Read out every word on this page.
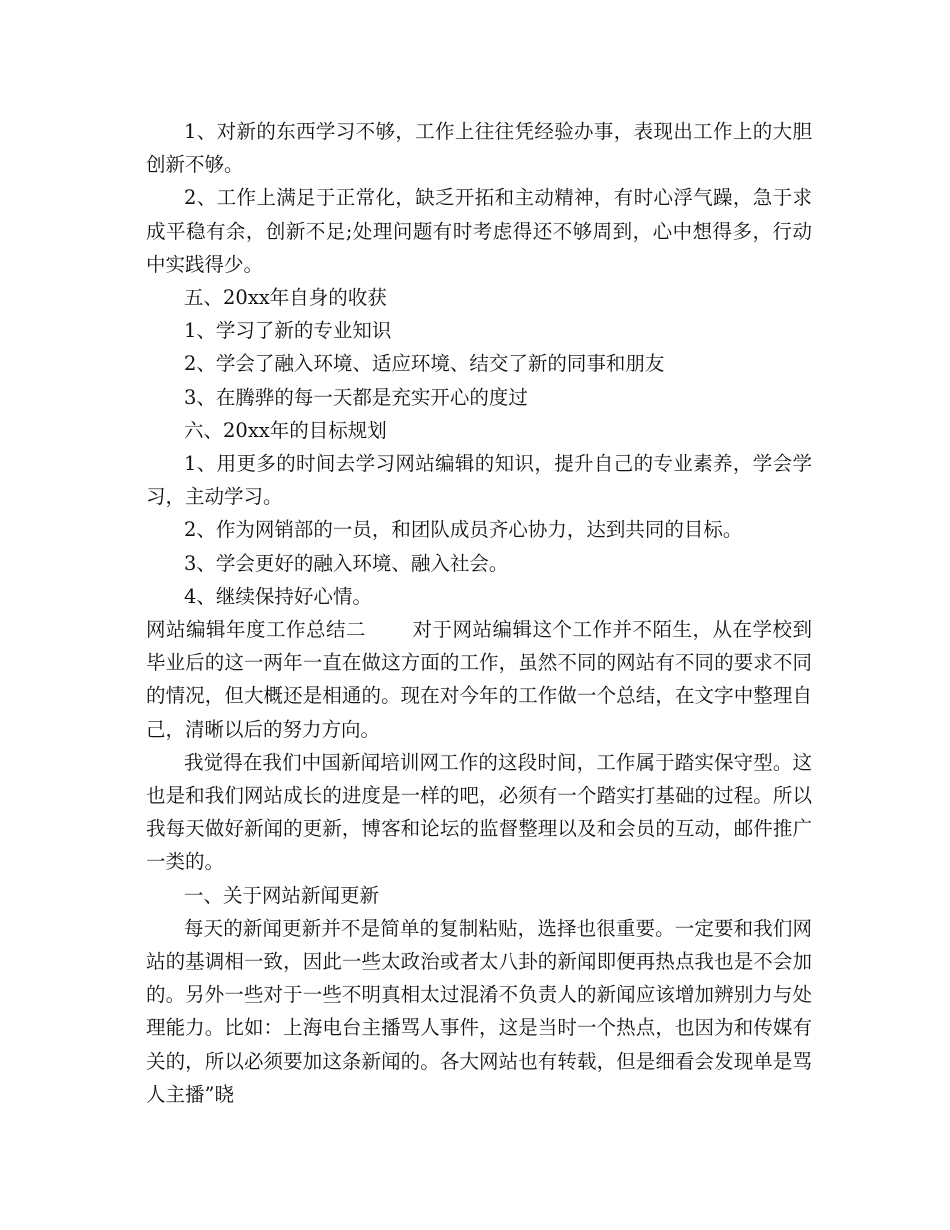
1、对新的东西学习不够，工作上往往凭经验办事，表现出工作上的大胆创新不够。

2、工作上满足于正常化，缺乏开拓和主动精神，有时心浮气躁，急于求成平稳有余，创新不足;处理问题有时考虑得还不够周到，心中想得多，行动中实践得少。

五、20xx年自身的收获

1、学习了新的专业知识

2、学会了融入环境、适应环境、结交了新的同事和朋友

3、在腾骅的每一天都是充实开心的度过

六、20xx年的目标规划

1、用更多的时间去学习网站编辑的知识，提升自己的专业素养，学会学习，主动学习。

2、作为网销部的一员，和团队成员齐心协力，达到共同的目标。

3、学会更好的融入环境、融入社会。

4、继续保持好心情。

网站编辑年度工作总结二 对于网站编辑这个工作并不陌生，从在学校到毕业后的这一两年一直在做这方面的工作，虽然不同的网站有不同的要求不同的情况，但大概还是相通的。现在对今年的工作做一个总结，在文字中整理自己，清晰以后的努力方向。

我觉得在我们中国新闻培训网工作的这段时间，工作属于踏实保守型。这也是和我们网站成长的进度是一样的吧，必须有一个踏实打基础的过程。所以我每天做好新闻的更新，博客和论坛的监督整理以及和会员的互动，邮件推广一类的。

一、关于网站新闻更新

每天的新闻更新并不是简单的复制粘贴，选择也很重要。一定要和我们网站的基调相一致，因此一些太政治或者太八卦的新闻即便再热点我也是不会加的。另外一些对于一些不明真相太过混淆不负责人的新闻应该增加辨别力与处理能力。比如：上海电台主播骂人事件，这是当时一个热点，也因为和传媒有关的，所以必须要加这条新闻的。各大网站也有转载，但是细看会发现单是骂人主播”晓
